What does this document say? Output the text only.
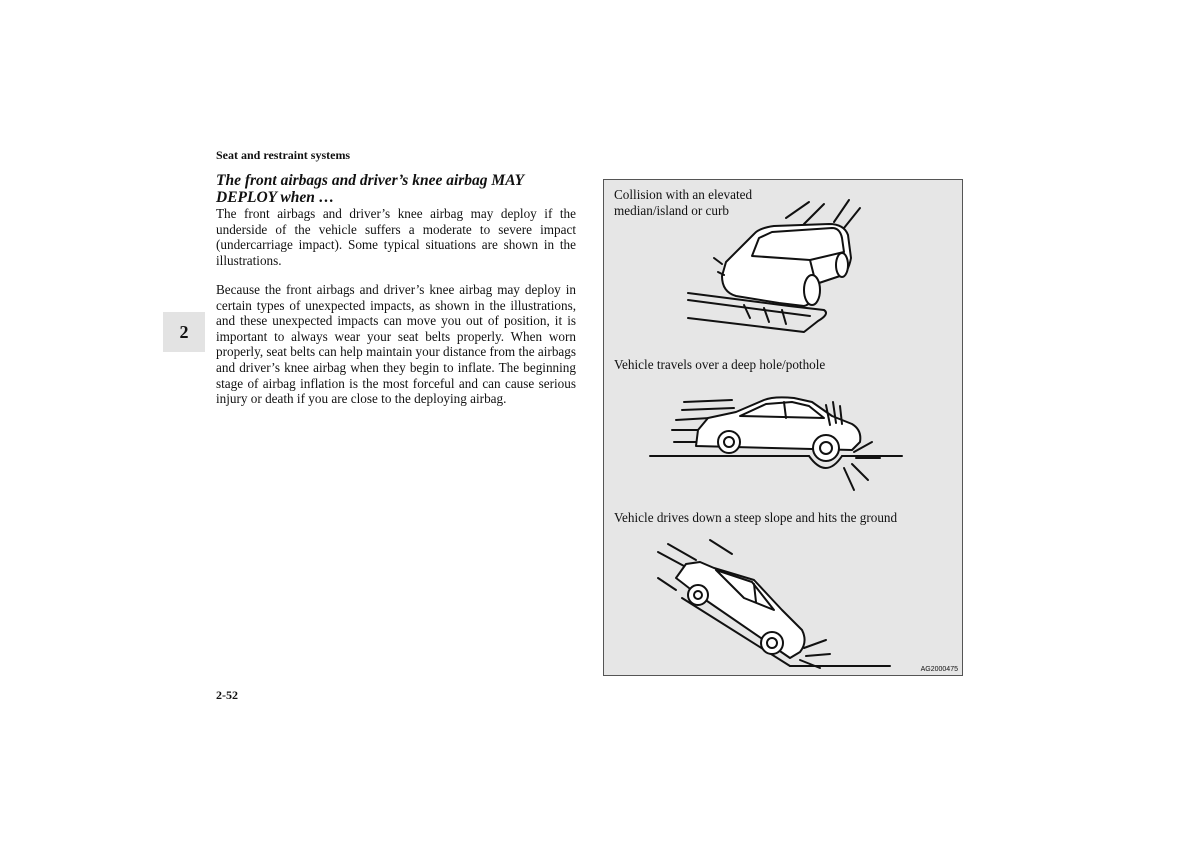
Seat and restraint systems
2
The front airbags and driver’s knee airbag MAY DEPLOY when …

The front airbags and driver’s knee airbag may deploy if the underside of the vehicle suffers a moderate to severe impact (undercarriage impact). Some typical situations are shown in the illustrations.

Because the front airbags and driver’s knee airbag may deploy in certain types of unexpected impacts, as shown in the illustrations, and these unexpected impacts can move you out of position, it is important to always wear your seat belts properly. When worn properly, seat belts can help maintain your distance from the airbags and driver’s knee airbag when they begin to inflate. The beginning stage of airbag inflation is the most forceful and can cause serious injury or death if you are close to the deploying airbag.

Collision with an elevated median/island or curb
Vehicle travels over a deep hole/pothole
Vehicle drives down a steep slope and hits the ground
AG2000475
2-52
